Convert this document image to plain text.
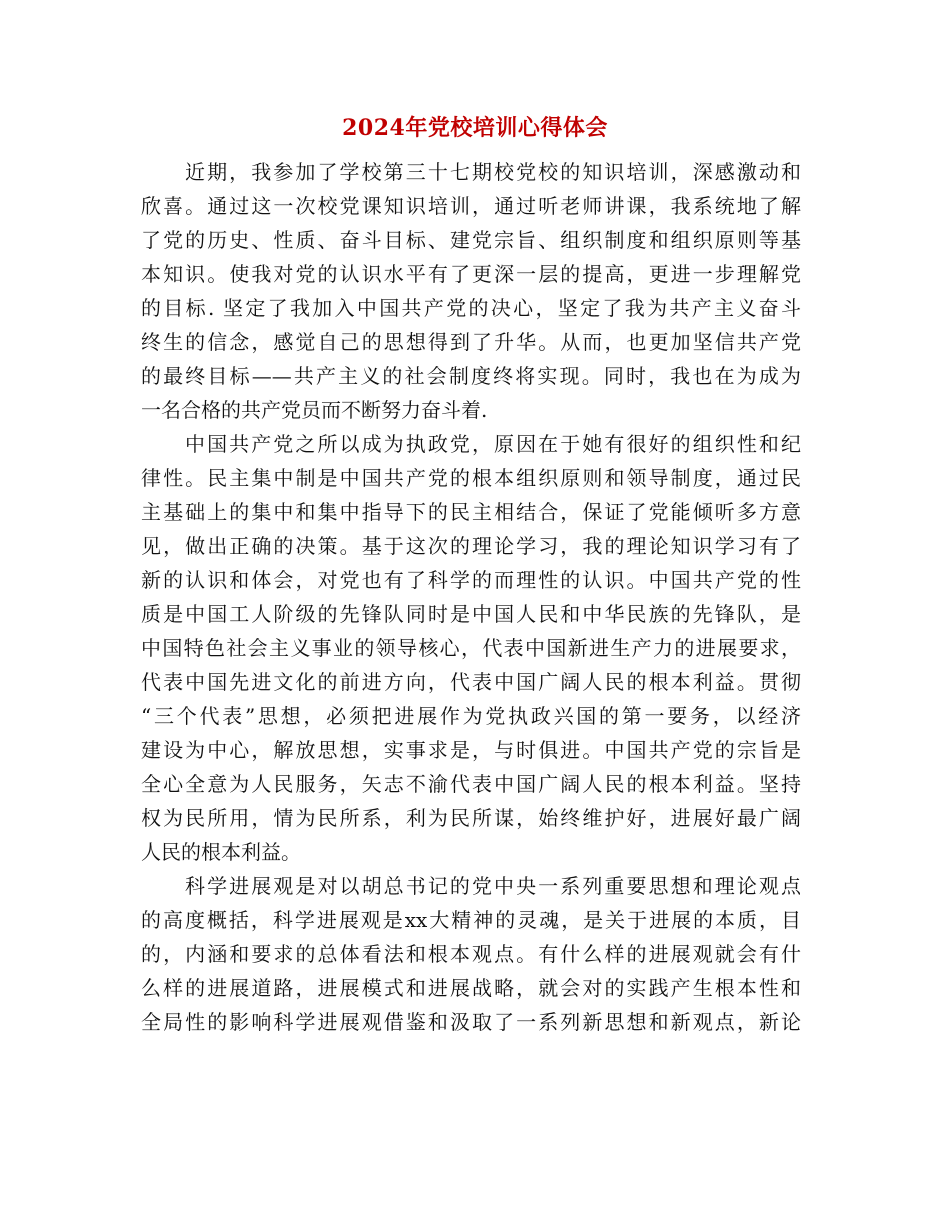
2024年党校培训心得体会
近期，我参加了学校第三十七期校党校的知识培训，深感激动和
欣喜。通过这一次校党课知识培训，通过听老师讲课，我系统地了解
了党的历史、性质、奋斗目标、建党宗旨、组织制度和组织原则等基
本知识。使我对党的认识水平有了更深一层的提高，更进一步理解党
的目标. 坚定了我加入中国共产党的决心，坚定了我为共产主义奋斗
终生的信念，感觉自己的思想得到了升华。从而，也更加坚信共产党
的最终目标——共产主义的社会制度终将实现。同时，我也在为成为
一名合格的共产党员而不断努力奋斗着.
中国共产党之所以成为执政党，原因在于她有很好的组织性和纪
律性。民主集中制是中国共产党的根本组织原则和领导制度，通过民
主基础上的集中和集中指导下的民主相结合，保证了党能倾听多方意
见，做出正确的决策。基于这次的理论学习，我的理论知识学习有了
新的认识和体会，对党也有了科学的而理性的认识。中国共产党的性
质是中国工人阶级的先锋队同时是中国人民和中华民族的先锋队，是
中国特色社会主义事业的领导核心，代表中国新进生产力的进展要求，
代表中国先进文化的前进方向，代表中国广阔人民的根本利益。贯彻
“三个代表”思想，必须把进展作为党执政兴国的第一要务，以经济
建设为中心，解放思想，实事求是，与时俱进。中国共产党的宗旨是
全心全意为人民服务，矢志不渝代表中国广阔人民的根本利益。坚持
权为民所用，情为民所系，利为民所谋，始终维护好，进展好最广阔
人民的根本利益。
科学进展观是对以胡总书记的党中央一系列重要思想和理论观点
的高度概括，科学进展观是xx大精神的灵魂，是关于进展的本质，目
的，内涵和要求的总体看法和根本观点。有什么样的进展观就会有什
么样的进展道路，进展模式和进展战略，就会对的实践产生根本性和
全局性的影响科学进展观借鉴和汲取了一系列新思想和新观点，新论
